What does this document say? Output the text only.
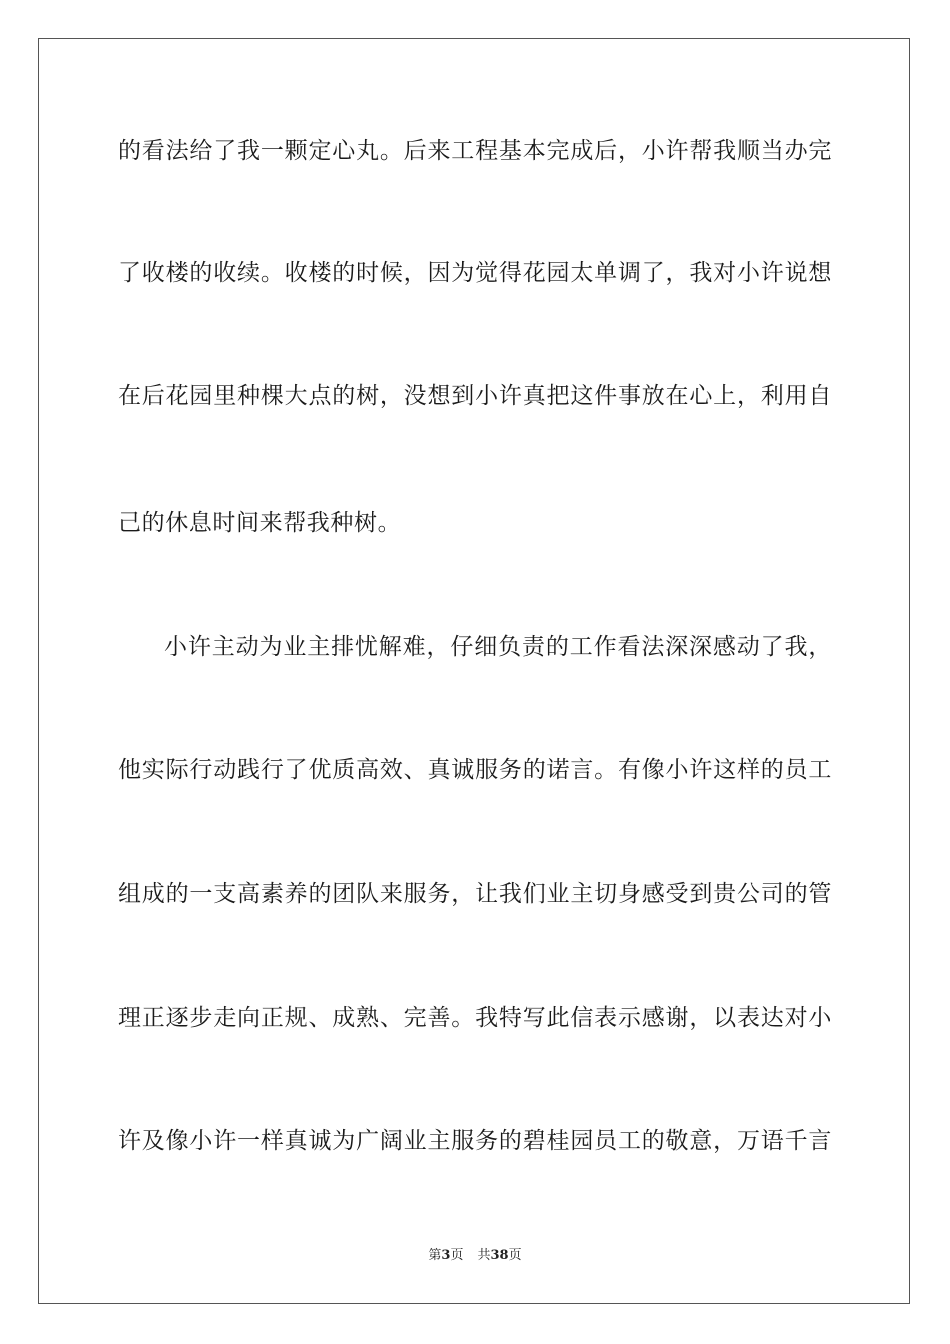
的看法给了我一颗定心丸。后来工程基本完成后，小许帮我顺当办完
了收楼的收续。收楼的时候，因为觉得花园太单调了，我对小许说想
在后花园里种棵大点的树，没想到小许真把这件事放在心上，利用自
己的休息时间来帮我种树。
小许主动为业主排忧解难，仔细负责的工作看法深深感动了我，
他实际行动践行了优质高效、真诚服务的诺言。有像小许这样的员工
组成的一支高素养的团队来服务，让我们业主切身感受到贵公司的管
理正逐步走向正规、成熟、完善。我特写此信表示感谢，以表达对小
许及像小许一样真诚为广阔业主服务的碧桂园员工的敬意，万语千言
第3页 共38页
